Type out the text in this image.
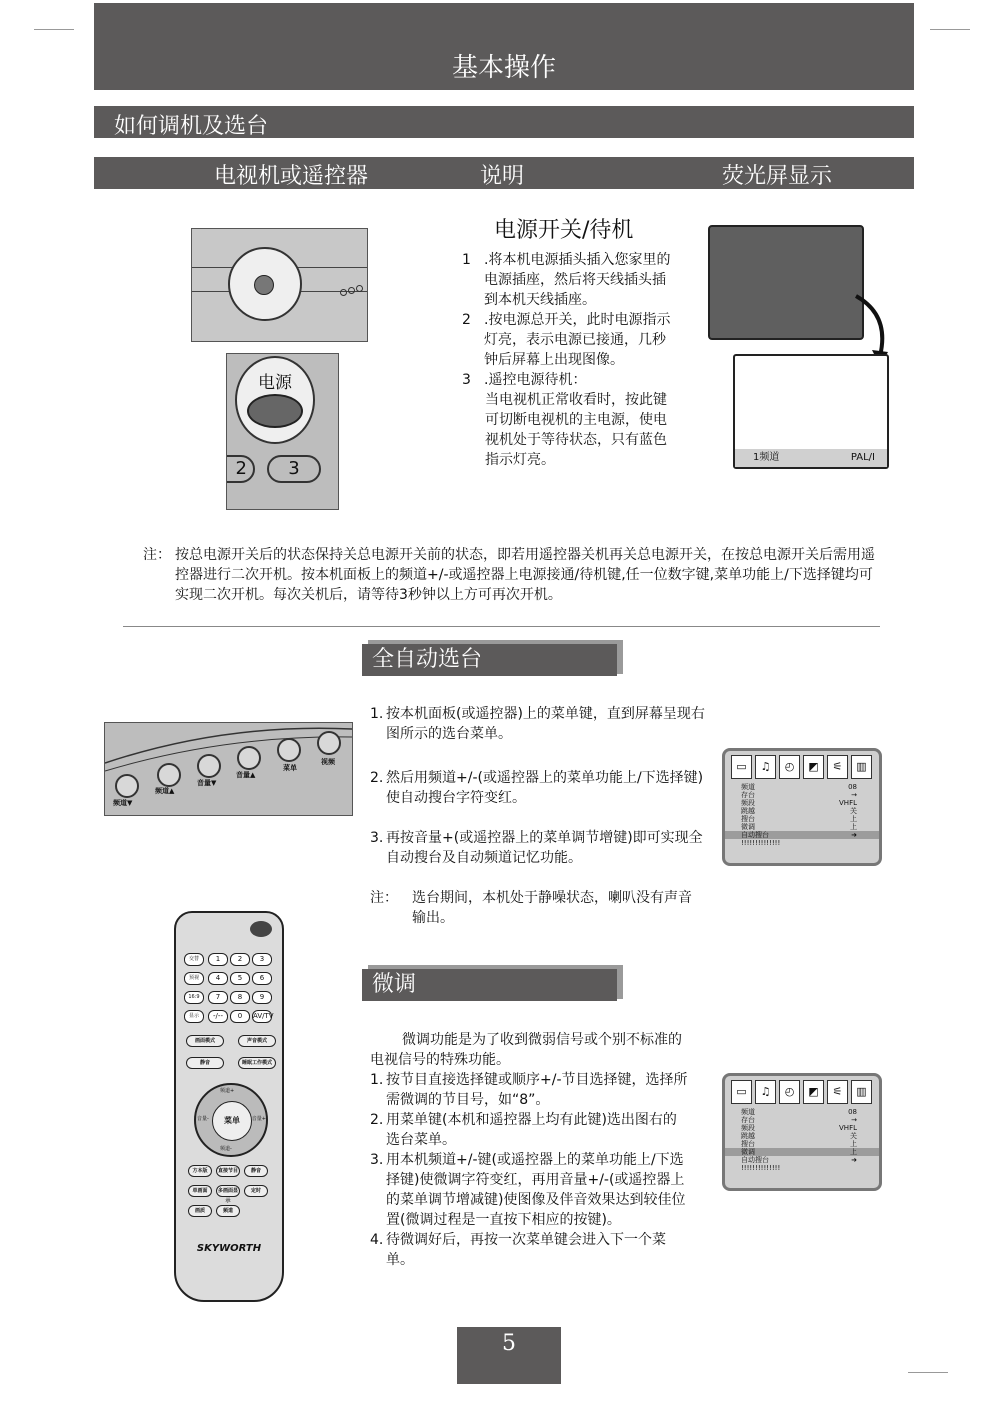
基本操作
如何调机及选台
电视机或遥控器	说明	荧光屏显示
电源
2	3
电源开关/待机
1 .将本机电源插头插入您家里的电源插座，然后将天线插头插到本机天线插座。
2 .按电源总开关，此时电源指示灯亮，表示电源已接通，几秒钟后屏幕上出现图像。
3 .遥控电源待机：
当电视机正常收看时，按此键可切断电视机的主电源，使电视机处于等待状态，只有蓝色指示灯亮。	1频道	PAL/I
注： 按总电源开关后的状态保持关总电源开关前的状态，即若用遥控器关机再关总电源开关，在按总电源开关后需用遥控器进行二次开机。按本机面板上的频道+/-或遥控器上电源接通/待机键,任一位数字键,菜单功能上/下选择键均可实现二次开机。每次关机后，请等待3秒钟以上方可再次开机。
全自动选台
频道▼
频道▲
音量▼
音量▲
菜单
视频
1. 按本机面板(或遥控器)上的菜单键，直到屏幕呈现右图所示的选台菜单。
2. 然后用频道+/-(或遥控器上的菜单功能上/下选择键)使自动搜台字符变红。
3. 再按音量+(或遥控器上的菜单调节增键)即可实现全自动搜台及自动频道记忆功能。
注： 选台期间，本机处于静噪状态，喇叭没有声音输出。
▭	♫	◴	◩	⚟	▥
频道	08
存台	→
频段	VHFL
跳越	关
搜台	上
微调	上
自动搜台	➜
!!!!!!!!!!!!!!
微调
微调功能是为了收到微弱信号或个别不标准的电视信号的特殊功能。
1. 按节目直接选择键或顺序+/-节目选择键，选择所需微调的节目号，如“8”。
2. 用菜单键(本机和遥控器上均有此键)选出图右的选台菜单。
3. 用本机频道+/-键(或遥控器上的菜单功能上/下选择键)使微调字符变红，再用音量+/-(或遥控器上的菜单调节增减键)使图像及伴音效果达到较佳位置(微调过程是一直按下相应的按键)。
4. 待微调好后，再按一次菜单键会进入下一个菜单。
▭	♫	◴	◩	⚟	▥
频道	08
存台	→
频段	VHFL
跳越	关
搜台	上
微调	上
自动搜台	➜
!!!!!!!!!!!!!!
交替	1	2	3
预视	4	5	6
16:9	7	8	9
显示	-/--	0	AV/TV
画面模式	声音模式
静音	睡眠工作模式
菜单
频道+
频道-
音量-	音量+
方本版	直接节目	静音
单画面	多画面显示
定时
画质	频道
SKYWORTH
5
